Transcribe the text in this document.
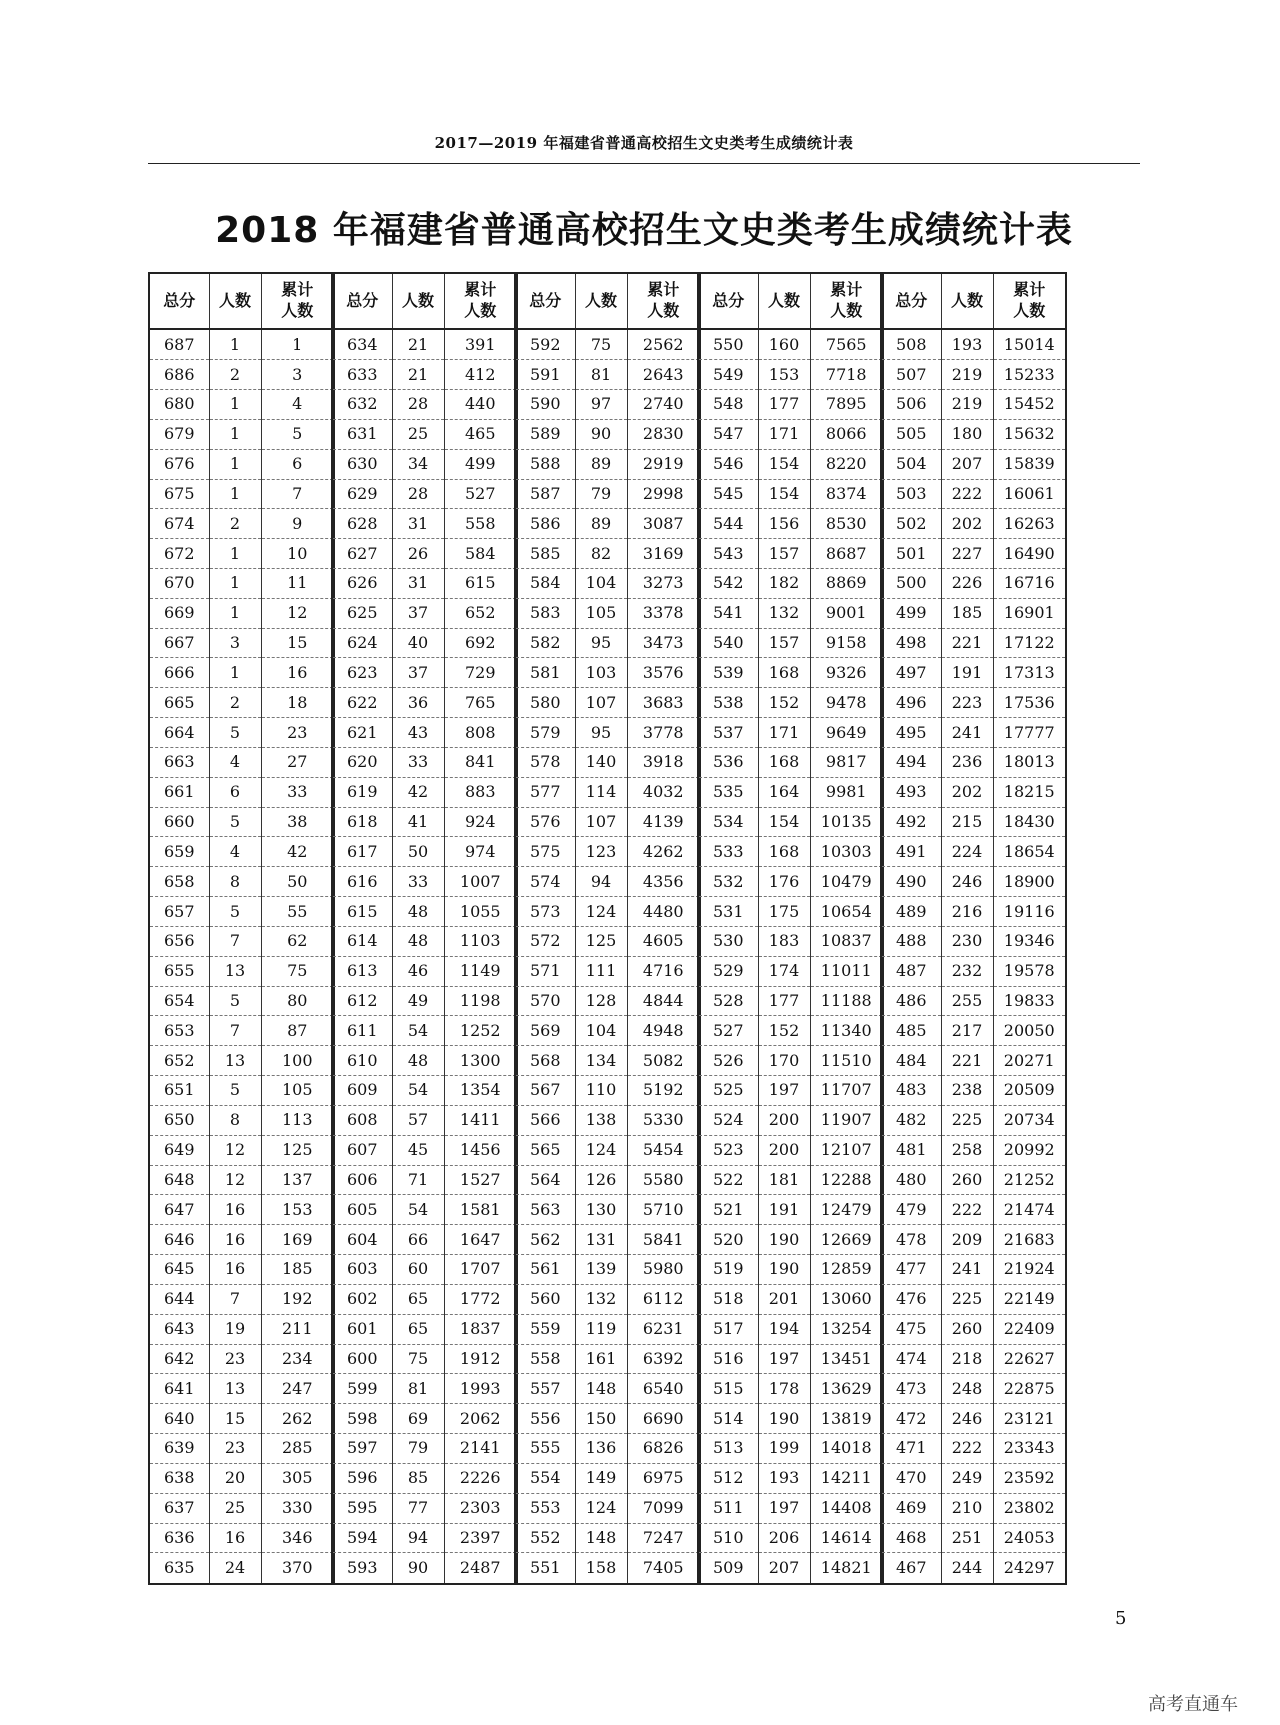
2017—2019 年福建省普通高校招生文史类考生成绩统计表
2018 年福建省普通高校招生文史类考生成绩统计表
总分	人数	累计
人数
687	1	1
686	2	3
680	1	4
679	1	5
676	1	6
675	1	7
674	2	9
672	1	10
670	1	11
669	1	12
667	3	15
666	1	16
665	2	18
664	5	23
663	4	27
661	6	33
660	5	38
659	4	42
658	8	50
657	5	55
656	7	62
655	13	75
654	5	80
653	7	87
652	13	100
651	5	105
650	8	113
649	12	125
648	12	137
647	16	153
646	16	169
645	16	185
644	7	192
643	19	211
642	23	234
641	13	247
640	15	262
639	23	285
638	20	305
637	25	330
636	16	346
635	24	370
总分	人数	累计
人数
634	21	391
633	21	412
632	28	440
631	25	465
630	34	499
629	28	527
628	31	558
627	26	584
626	31	615
625	37	652
624	40	692
623	37	729
622	36	765
621	43	808
620	33	841
619	42	883
618	41	924
617	50	974
616	33	1007
615	48	1055
614	48	1103
613	46	1149
612	49	1198
611	54	1252
610	48	1300
609	54	1354
608	57	1411
607	45	1456
606	71	1527
605	54	1581
604	66	1647
603	60	1707
602	65	1772
601	65	1837
600	75	1912
599	81	1993
598	69	2062
597	79	2141
596	85	2226
595	77	2303
594	94	2397
593	90	2487
总分	人数	累计
人数
592	75	2562
591	81	2643
590	97	2740
589	90	2830
588	89	2919
587	79	2998
586	89	3087
585	82	3169
584	104	3273
583	105	3378
582	95	3473
581	103	3576
580	107	3683
579	95	3778
578	140	3918
577	114	4032
576	107	4139
575	123	4262
574	94	4356
573	124	4480
572	125	4605
571	111	4716
570	128	4844
569	104	4948
568	134	5082
567	110	5192
566	138	5330
565	124	5454
564	126	5580
563	130	5710
562	131	5841
561	139	5980
560	132	6112
559	119	6231
558	161	6392
557	148	6540
556	150	6690
555	136	6826
554	149	6975
553	124	7099
552	148	7247
551	158	7405
总分	人数	累计
人数
550	160	7565
549	153	7718
548	177	7895
547	171	8066
546	154	8220
545	154	8374
544	156	8530
543	157	8687
542	182	8869
541	132	9001
540	157	9158
539	168	9326
538	152	9478
537	171	9649
536	168	9817
535	164	9981
534	154	10135
533	168	10303
532	176	10479
531	175	10654
530	183	10837
529	174	11011
528	177	11188
527	152	11340
526	170	11510
525	197	11707
524	200	11907
523	200	12107
522	181	12288
521	191	12479
520	190	12669
519	190	12859
518	201	13060
517	194	13254
516	197	13451
515	178	13629
514	190	13819
513	199	14018
512	193	14211
511	197	14408
510	206	14614
509	207	14821
总分	人数	累计
人数
508	193	15014
507	219	15233
506	219	15452
505	180	15632
504	207	15839
503	222	16061
502	202	16263
501	227	16490
500	226	16716
499	185	16901
498	221	17122
497	191	17313
496	223	17536
495	241	17777
494	236	18013
493	202	18215
492	215	18430
491	224	18654
490	246	18900
489	216	19116
488	230	19346
487	232	19578
486	255	19833
485	217	20050
484	221	20271
483	238	20509
482	225	20734
481	258	20992
480	260	21252
479	222	21474
478	209	21683
477	241	21924
476	225	22149
475	260	22409
474	218	22627
473	248	22875
472	246	23121
471	222	23343
470	249	23592
469	210	23802
468	251	24053
467	244	24297
5
高考直通车
